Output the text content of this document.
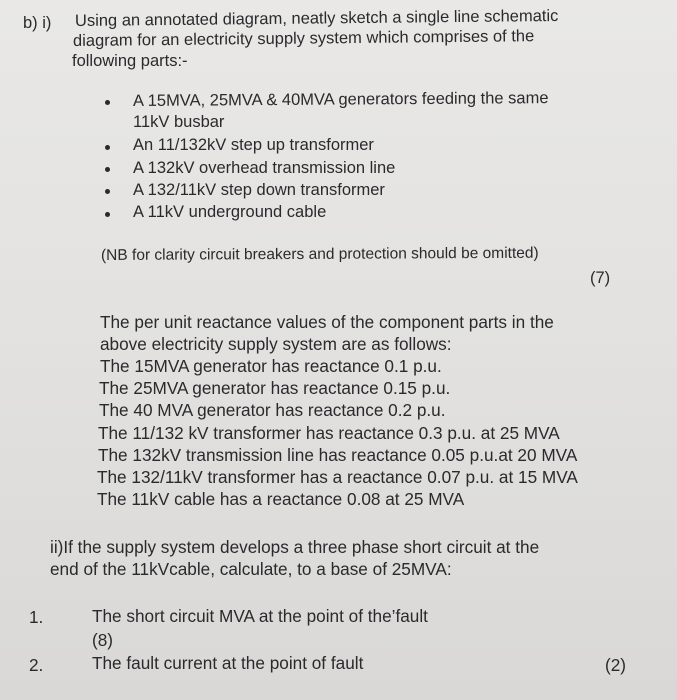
b) i) Using an annotated diagram, neatly sketch a single line schematic
diagram for an electricity supply system which comprises of the
following parts:-
A 15MVA, 25MVA & 40MVA generators feeding the same
11kV busbar
An 11/132kV step up transformer
A 132kV overhead transmission line
A 132/11kV step down transformer
A 11kV underground cable
(NB for clarity circuit breakers and protection should be omitted)
(7)
The per unit reactance values of the component parts in the
above electricity supply system are as follows:
The 15MVA generator has reactance 0.1 p.u.
The 25MVA generator has reactance 0.15 p.u.
The 40 MVA generator has reactance 0.2 p.u.
The 11/132 kV transformer has reactance 0.3 p.u. at 25 MVA
The 132kV transmission line has reactance 0.05 p.u.at 20 MVA
The 132/11kV transformer has a reactance 0.07 p.u. at 15 MVA
The 11kV cable has a reactance 0.08 at 25 MVA
ii)If the supply system develops a three phase short circuit at the
end of the 11kVcable, calculate, to a base of 25MVA:
1.	The short circuit MVA at the point of the’fault
(8)
2.	The fault current at the point of fault	(2)
